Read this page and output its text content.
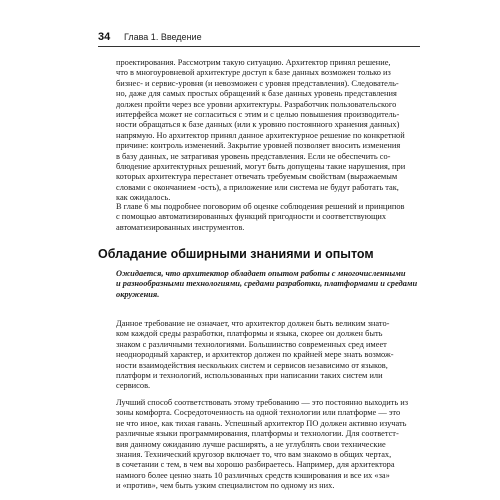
34 Глава 1. Введение

проектирования. Рассмотрим такую ситуацию. Архитектор принял решение,
что в многоуровневой архитектуре доступ к базе данных возможен только из
бизнес- и сервис-уровня (и невозможен с уровня представления). Следователь-
но, даже для самых простых обращений к базе данных уровень представления
должен пройти через все уровни архитектуры. Разработчик пользовательского
интерфейса может не согласиться с этим и с целью повышения производитель-
ности обращаться к базе данных (или к уровню постоянного хранения данных)
напрямую. Но архитектор принял данное архитектурное решение по конкретной
причине: контроль изменений. Закрытие уровней позволяет вносить изменения
в базу данных, не затрагивая уровень представления. Если не обеспечить со-
блюдение архитектурных решений, могут быть допущены такие нарушения, при
которых архитектура перестанет отвечать требуемым свойствам (выражаемым
словами с окончанием -ость), а приложение или система не будут работать так,
как ожидалось.

В главе 6 мы подробнее поговорим об оценке соблюдения решений и принципов
с помощью автоматизированных функций пригодности и соответствующих
автоматизированных инструментов.

Обладание обширными знаниями и опытом

Ожидается, что архитектор обладает опытом работы с многочисленными
и разнообразными технологиями, средами разработки, платформами и средами
окружения.

Данное требование не означает, что архитектор должен быть великим знато-
ком каждой среды разработки, платформы и языка, скорее он должен быть
знаком с различными технологиями. Большинство современных сред имеет
неоднородный характер, и архитектор должен по крайней мере знать возмож-
ности взаимодействия нескольких систем и сервисов независимо от языков,
платформ и технологий, использованных при написании таких систем или
сервисов.

Лучший способ соответствовать этому требованию — это постоянно выходить из
зоны комфорта. Сосредоточенность на одной технологии или платформе — это
не что иное, как тихая гавань. Успешный архитектор ПО должен активно изучать
различные языки программирования, платформы и технологии. Для соответст-
вия данному ожиданию лучше расширять, а не углублять свои технические
знания. Технический кругозор включает то, что вам знакомо в общих чертах,
в сочетании с тем, в чем вы хорошо разбираетесь. Например, для архитектора
намного более ценно знать 10 различных средств кэширования и все их «за»
и «против», чем быть узким специалистом по одному из них.
